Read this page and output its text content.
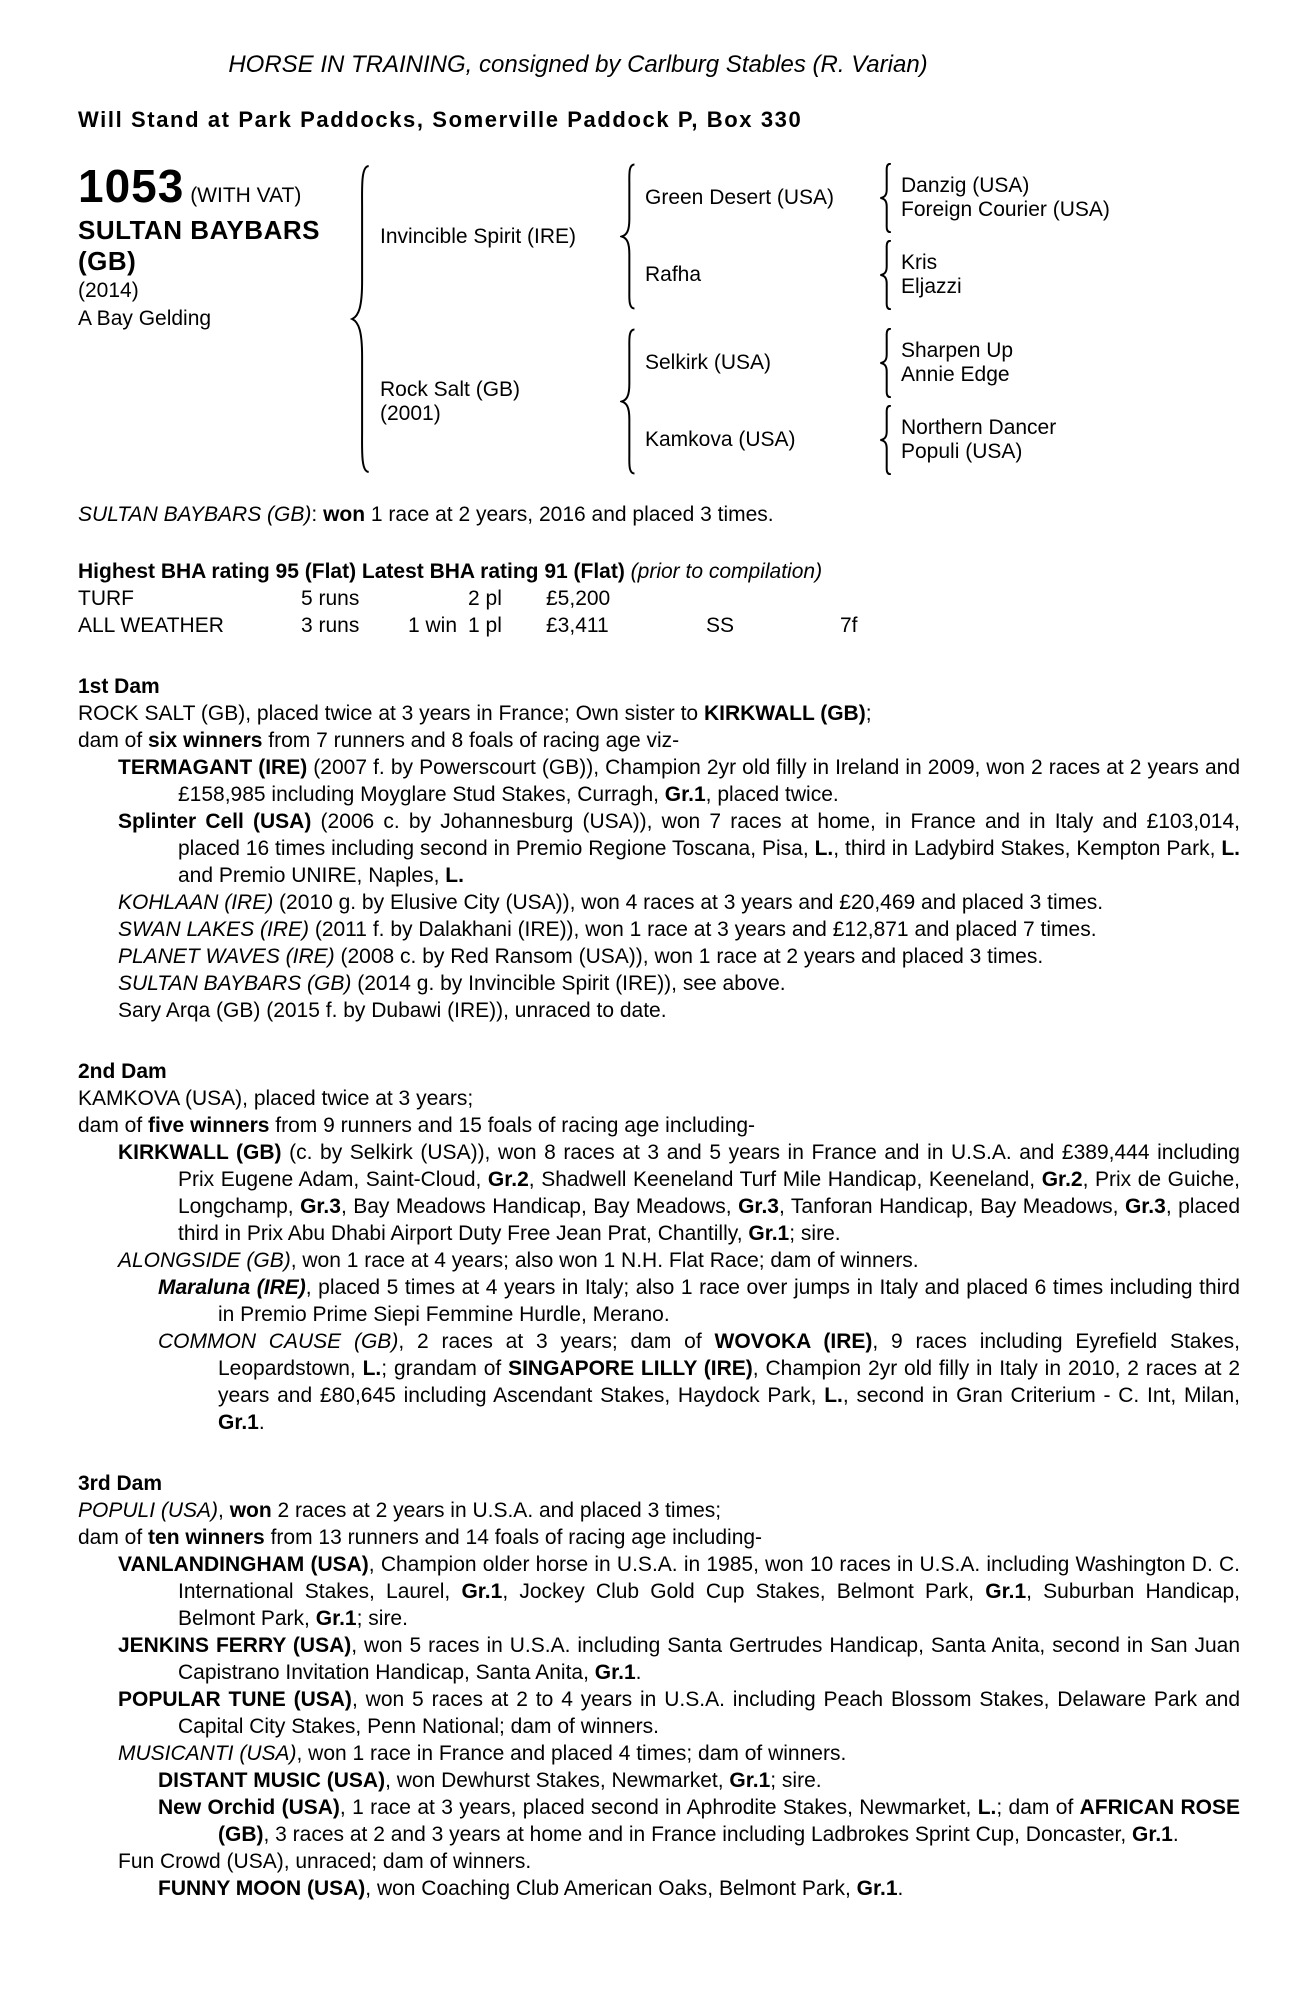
HORSE IN TRAINING, consigned by Carlburg Stables (R. Varian)
Will Stand at Park Paddocks, Somerville Paddock P, Box 330
1053 (WITH VAT)
SULTAN BAYBARS
(GB)
(2014)
A Bay Gelding
Invincible Spirit (IRE)
Green Desert (USA)
Danzig (USA)
Foreign Courier (USA)
Rafha
Kris
Eljazzi
Rock Salt (GB)
(2001)
Selkirk (USA)
Sharpen Up
Annie Edge
Kamkova (USA)
Northern Dancer
Populi (USA)

SULTAN BAYBARS (GB): won 1 race at 2 years, 2016 and placed 3 times.

Highest BHA rating 95 (Flat) Latest BHA rating 91 (Flat) (prior to compilation)

TURF	5 runs	2 pl	£5,200
ALL WEATHER	3 runs	1 win 1 pl	£3,411	SS	7f

1st Dam

ROCK SALT (GB), placed twice at 3 years in France; Own sister to KIRKWALL (GB);

dam of six winners from 7 runners and 8 foals of racing age viz-

TERMAGANT (IRE) (2007 f. by Powerscourt (GB)), Champion 2yr old filly in Ireland in 2009, won 2 races at 2 years and £158,985 including Moyglare Stud Stakes, Curragh, Gr.1, placed twice.

Splinter Cell (USA) (2006 c. by Johannesburg (USA)), won 7 races at home, in France and in Italy and £103,014, placed 16 times including second in Premio Regione Toscana, Pisa, L., third in Ladybird Stakes, Kempton Park, L. and Premio UNIRE, Naples, L.

KOHLAAN (IRE) (2010 g. by Elusive City (USA)), won 4 races at 3 years and £20,469 and placed 3 times.

SWAN LAKES (IRE) (2011 f. by Dalakhani (IRE)), won 1 race at 3 years and £12,871 and placed 7 times.

PLANET WAVES (IRE) (2008 c. by Red Ransom (USA)), won 1 race at 2 years and placed 3 times.

SULTAN BAYBARS (GB) (2014 g. by Invincible Spirit (IRE)), see above.

Sary Arqa (GB) (2015 f. by Dubawi (IRE)), unraced to date.

2nd Dam

KAMKOVA (USA), placed twice at 3 years;

dam of five winners from 9 runners and 15 foals of racing age including-

KIRKWALL (GB) (c. by Selkirk (USA)), won 8 races at 3 and 5 years in France and in U.S.A. and £389,444 including Prix Eugene Adam, Saint-Cloud, Gr.2, Shadwell Keeneland Turf Mile Handicap, Keeneland, Gr.2, Prix de Guiche, Longchamp, Gr.3, Bay Meadows Handicap, Bay Meadows, Gr.3, Tanforan Handicap, Bay Meadows, Gr.3, placed third in Prix Abu Dhabi Airport Duty Free Jean Prat, Chantilly, Gr.1; sire.

ALONGSIDE (GB), won 1 race at 4 years; also won 1 N.H. Flat Race; dam of winners.

Maraluna (IRE), placed 5 times at 4 years in Italy; also 1 race over jumps in Italy and placed 6 times including third in Premio Prime Siepi Femmine Hurdle, Merano.

COMMON CAUSE (GB), 2 races at 3 years; dam of WOVOKA (IRE), 9 races including Eyrefield Stakes, Leopardstown, L.; grandam of SINGAPORE LILLY (IRE), Champion 2yr old filly in Italy in 2010, 2 races at 2 years and £80,645 including Ascendant Stakes, Haydock Park, L., second in Gran Criterium - C. Int, Milan, Gr.1.

3rd Dam

POPULI (USA), won 2 races at 2 years in U.S.A. and placed 3 times;

dam of ten winners from 13 runners and 14 foals of racing age including-

VANLANDINGHAM (USA), Champion older horse in U.S.A. in 1985, won 10 races in U.S.A. including Washington D. C. International Stakes, Laurel, Gr.1, Jockey Club Gold Cup Stakes, Belmont Park, Gr.1, Suburban Handicap, Belmont Park, Gr.1; sire.

JENKINS FERRY (USA), won 5 races in U.S.A. including Santa Gertrudes Handicap, Santa Anita, second in San Juan Capistrano Invitation Handicap, Santa Anita, Gr.1.

POPULAR TUNE (USA), won 5 races at 2 to 4 years in U.S.A. including Peach Blossom Stakes, Delaware Park and Capital City Stakes, Penn National; dam of winners.

MUSICANTI (USA), won 1 race in France and placed 4 times; dam of winners.

DISTANT MUSIC (USA), won Dewhurst Stakes, Newmarket, Gr.1; sire.

New Orchid (USA), 1 race at 3 years, placed second in Aphrodite Stakes, Newmarket, L.; dam of AFRICAN ROSE (GB), 3 races at 2 and 3 years at home and in France including Ladbrokes Sprint Cup, Doncaster, Gr.1.

Fun Crowd (USA), unraced; dam of winners.

FUNNY MOON (USA), won Coaching Club American Oaks, Belmont Park, Gr.1.
